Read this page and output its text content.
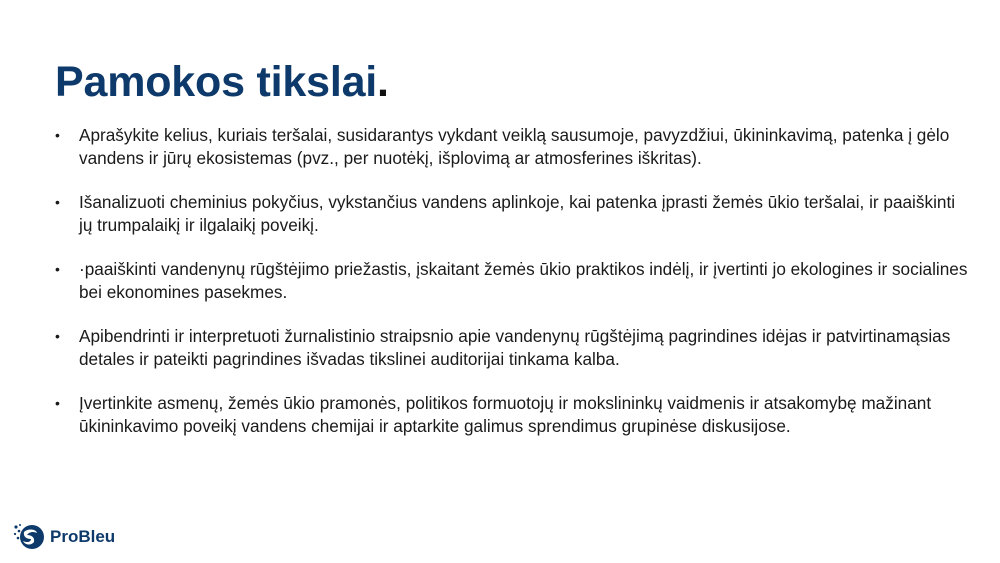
Pamokos tikslai.
• Aprašykite kelius, kuriais teršalai, susidarantys vykdant veiklą sausumoje, pavyzdžiui, ūkininkavimą, patenka į gėlo vandens ir jūrų ekosistemas (pvz., per nuotėkį, išplovimą ar atmosferines iškritas).
• Išanalizuoti cheminius pokyčius, vykstančius vandens aplinkoje, kai patenka įprasti žemės ūkio teršalai, ir paaiškinti jų trumpalaikį ir ilgalaikį poveikį.
• ·paaiškinti vandenynų rūgštėjimo priežastis, įskaitant žemės ūkio praktikos indėlį, ir įvertinti jo ekologines ir socialines bei ekonomines pasekmes.
• Apibendrinti ir interpretuoti žurnalistinio straipsnio apie vandenynų rūgštėjimą pagrindines idėjas ir patvirtinamąsias detales ir pateikti pagrindines išvadas tikslinei auditorijai tinkama kalba.
• Įvertinkite asmenų, žemės ūkio pramonės, politikos formuotojų ir mokslininkų vaidmenis ir atsakomybę mažinant ūkininkavimo poveikį vandens chemijai ir aptarkite galimus sprendimus grupinėse diskusijose.
ProBleu
